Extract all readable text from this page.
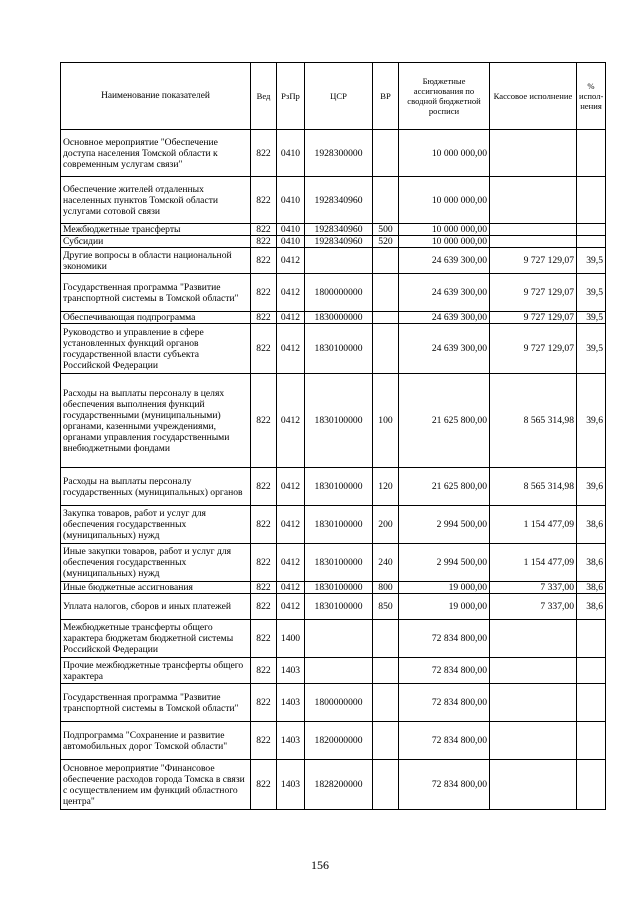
Наименование показателей	Вед	РзПр	ЦСР	ВР	Бюджетные ассигнования по сводной бюджетной росписи	Кассовое исполнение	% испол-нения
Основное мероприятие "Обеспечение доступа населения Томской области к современным услугам связи"	822	0410	1928300000		10 000 000,00		
Обеспечение жителей отдаленных населенных пунктов Томской области услугами сотовой связи	822	0410	1928340960		10 000 000,00		
Межбюджетные трансферты	822	0410	1928340960	500	10 000 000,00		
Субсидии	822	0410	1928340960	520	10 000 000,00		
Другие вопросы в области национальной экономики	822	0412			24 639 300,00	9 727 129,07	39,5
Государственная программа "Развитие транспортной системы в Томской области"	822	0412	1800000000		24 639 300,00	9 727 129,07	39,5
Обеспечивающая подпрограмма	822	0412	1830000000		24 639 300,00	9 727 129,07	39,5
Руководство и управление в сфере установленных функций органов государственной власти субъекта Российской Федерации	822	0412	1830100000		24 639 300,00	9 727 129,07	39,5
Расходы на выплаты персоналу в целях обеспечения выполнения функций государственными (муниципальными) органами, казенными учреждениями, органами управления государственными внебюджетными фондами	822	0412	1830100000	100	21 625 800,00	8 565 314,98	39,6
Расходы на выплаты персоналу государственных (муниципальных) органов	822	0412	1830100000	120	21 625 800,00	8 565 314,98	39,6
Закупка товаров, работ и услуг для обеспечения государственных (муниципальных) нужд	822	0412	1830100000	200	2 994 500,00	1 154 477,09	38,6
Иные закупки товаров, работ и услуг для обеспечения государственных (муниципальных) нужд	822	0412	1830100000	240	2 994 500,00	1 154 477,09	38,6
Иные бюджетные ассигнования	822	0412	1830100000	800	19 000,00	7 337,00	38,6
Уплата налогов, сборов и иных платежей	822	0412	1830100000	850	19 000,00	7 337,00	38,6
Межбюджетные трансферты общего характера бюджетам бюджетной системы Российской Федерации	822	1400			72 834 800,00		
Прочие межбюджетные трансферты общего характера	822	1403			72 834 800,00		
Государственная программа "Развитие транспортной системы в Томской области"	822	1403	1800000000		72 834 800,00		
Подпрограмма "Сохранение и развитие автомобильных дорог Томской области"	822	1403	1820000000		72 834 800,00		
Основное мероприятие "Финансовое обеспечение расходов города Томска в связи с осуществлением им функций областного центра"	822	1403	1828200000		72 834 800,00		
156
